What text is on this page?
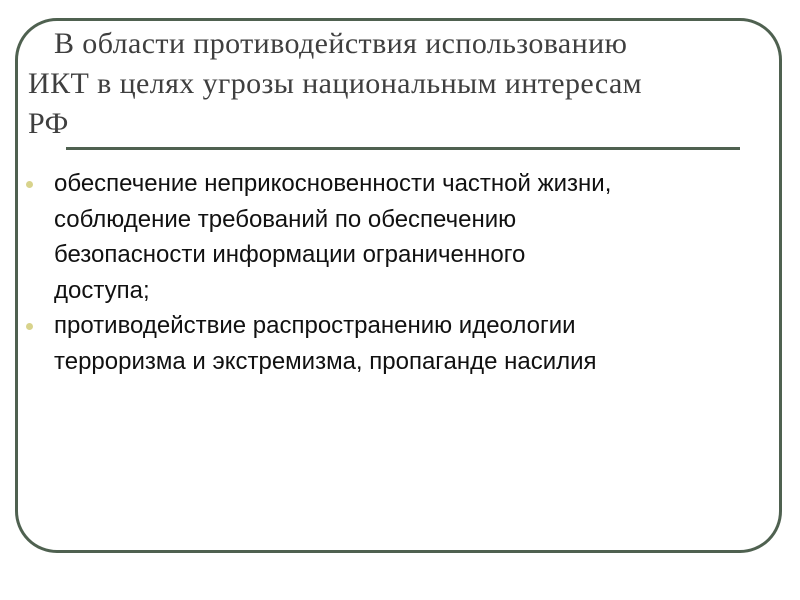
В области противодействия использованию
ИКТ в целях угрозы национальным интересам
РФ
обеспечение неприкосновенности частной жизни,
соблюдение требований по обеспечению
безопасности информации ограниченного
доступа;
противодействие распространению идеологии
терроризма и экстремизма, пропаганде насилия
